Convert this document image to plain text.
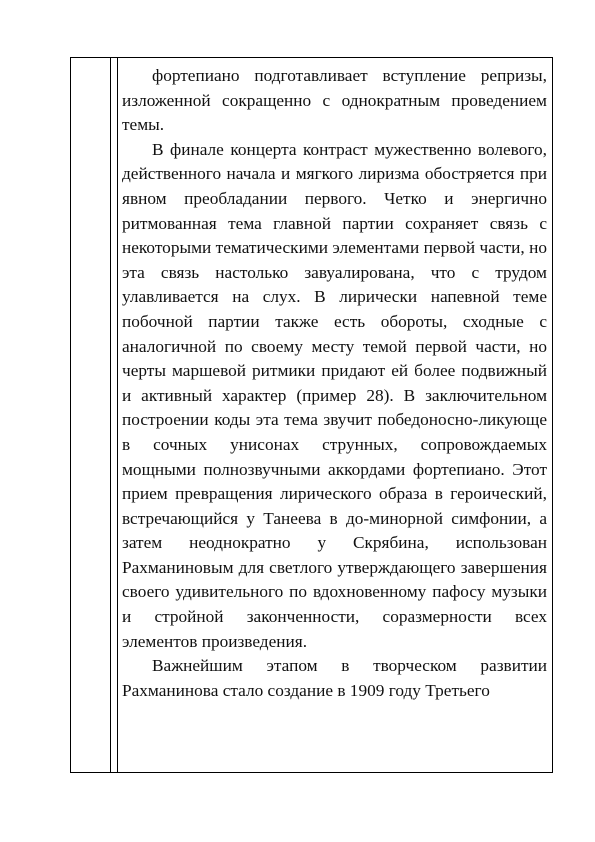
фортепиано подготавливает вступление репризы, изложенной сокращенно с однократным проведением темы.

В финале концерта контраст мужественно волевого, действенного начала и мягкого лиризма обостряется при явном преобладании первого. Четко и энергично ритмованная тема главной партии сохраняет связь с некоторыми тематическими элементами первой части, но эта связь настолько завуалирована, что с трудом улавливается на слух. В лирически напевной теме побочной партии также есть обороты, сходные с аналогичной по своему месту темой первой части, но черты маршевой ритмики придают ей более подвижный и активный характер (пример 28). В заключительном построении коды эта тема звучит победоносно-ликующе в сочных унисонах струнных, сопровождаемых мощными полнозвучными аккордами фортепиано. Этот прием превращения лирического образа в героический, встречающийся у Танеева в до-минорной симфонии, а затем неоднократно у Скрябина, использован Рахманиновым для светлого утверждающего завершения своего удивительного по вдохновенному пафосу музыки и стройной законченности, соразмерности всех элементов произведения.

Важнейшим этапом в творческом развитии Рахманинова стало создание в 1909 году Третьего
